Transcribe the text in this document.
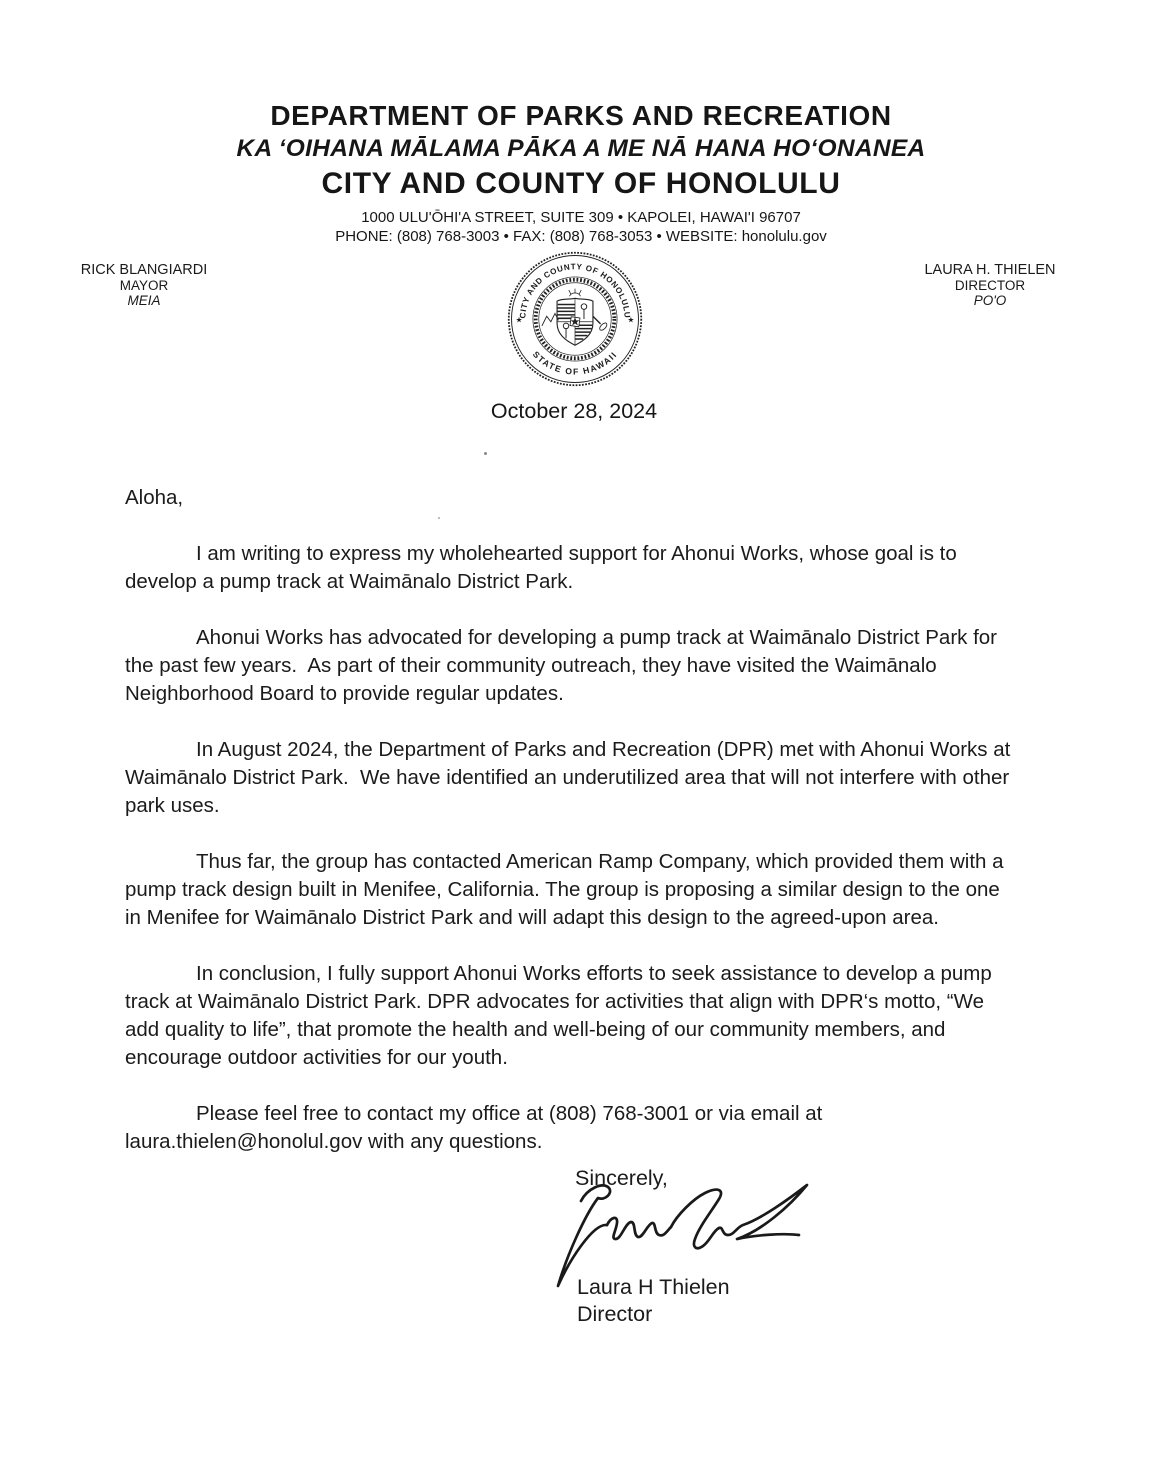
DEPARTMENT OF PARKS AND RECREATION
KA ‘OIHANA MĀLAMA PĀKA A ME NĀ HANA HO‘ONANEA
CITY AND COUNTY OF HONOLULU
1000 ULU'ŌHI'A STREET, SUITE 309 • KAPOLEI, HAWAI'I 96707
PHONE: (808) 768-3003 • FAX: (808) 768-3053 • WEBSITE: honolulu.gov
RICK BLANGIARDI
MAYOR
MEIA
LAURA H. THIELEN
DIRECTOR
PO'O
CITY AND COUNTY OF HONOLULU
STATE OF HAWAII
★	★
October 28, 2024

Aloha,

I am writing to express my wholehearted support for Ahonui Works, whose goal is to develop a pump track at Waimānalo District Park.

Ahonui Works has advocated for developing a pump track at Waimānalo District Park for the past few years.  As part of their community outreach, they have visited the Waimānalo Neighborhood Board to provide regular updates.

In August 2024, the Department of Parks and Recreation (DPR) met with Ahonui Works at Waimānalo District Park.  We have identified an underutilized area that will not interfere with other park uses.

Thus far, the group has contacted American Ramp Company, which provided them with a pump track design built in Menifee, California. The group is proposing a similar design to the one in Menifee for Waimānalo District Park and will adapt this design to the agreed-upon area.

In conclusion, I fully support Ahonui Works efforts to seek assistance to develop a pump track at Waimānalo District Park. DPR advocates for activities that align with DPR‘s motto, “We add quality to life”, that promote the health and well-being of our community members, and encourage outdoor activities for our youth.

Please feel free to contact my office at (808) 768-3001 or via email at laura.thielen@honolul.gov with any questions.

Sincerely,
Laura H Thielen
Director
